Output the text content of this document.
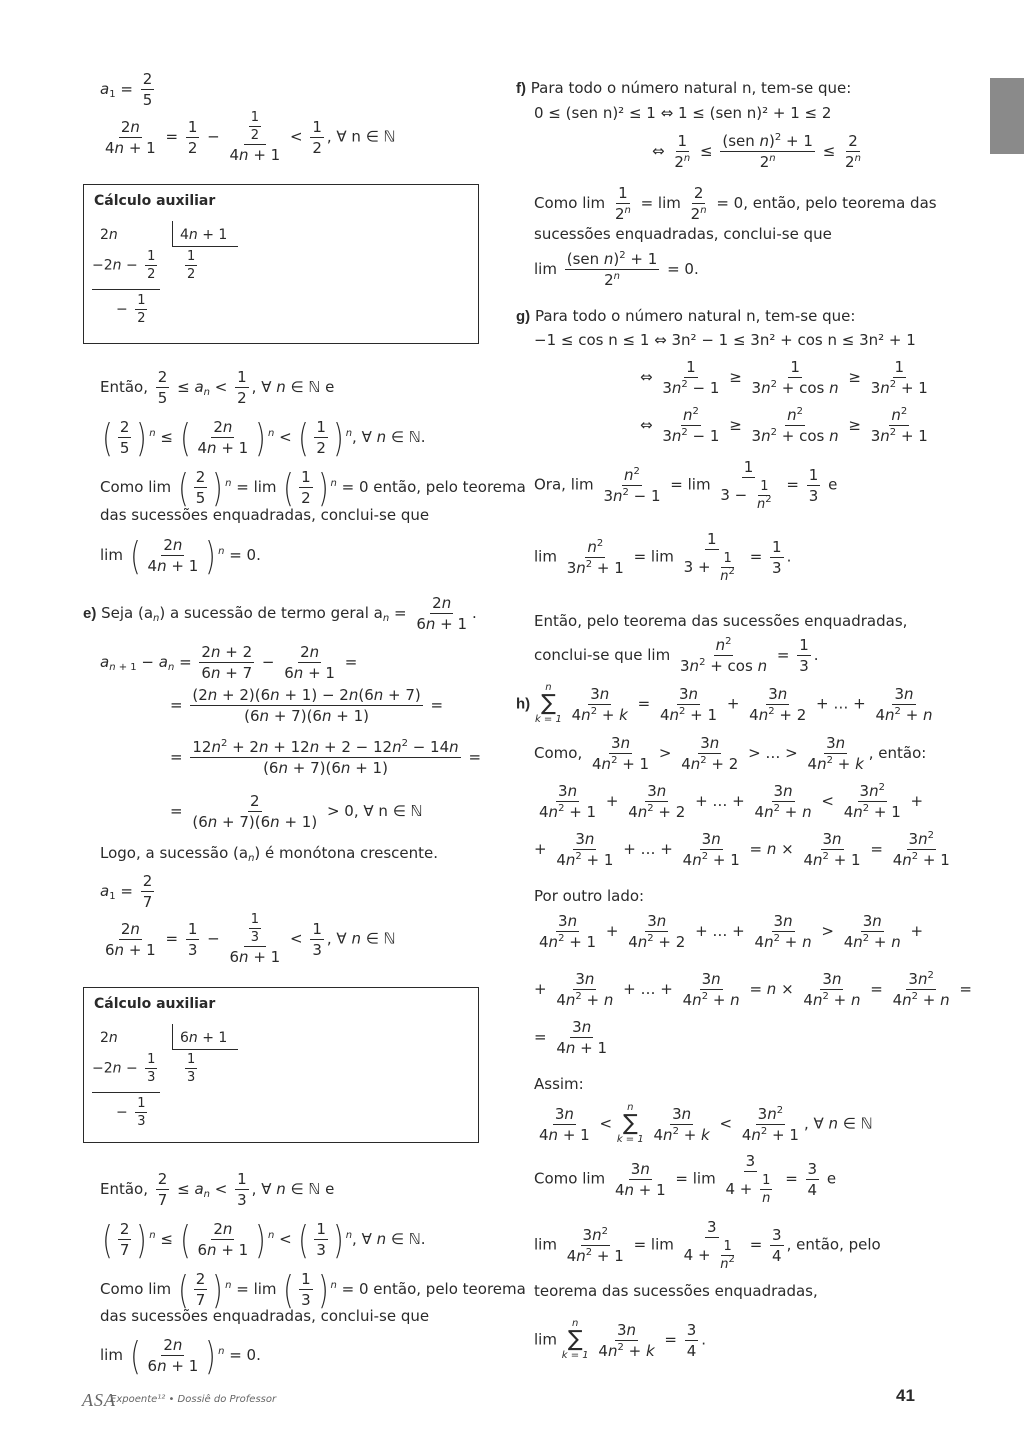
$a_1 = \frac{2}{5}$
$\frac{2n}{4n + 1} = \frac{1}{2} - \frac{\frac{1}{2}}{4n + 1} < \frac{1}{2}$ , ∀ n ∈ ℕ
Cálculo auxiliar
2n	4n + 1
$-2n - \frac{1}{2} \frac{1}{2}$
− $\frac{1}{2}$
Então, $\frac{2}{5} \le a_n < \frac{1}{2}$ , ∀ n ∈ ℕ e
( $\frac{2}{5}$ ) $^n$ ≤ ( $\frac{2n}{4n + 1}$ ) $^n$ < ( $\frac{1}{2}$ ) $^n$, ∀ n ∈ ℕ.
Como lim ( $\frac{2}{5}$ ) $^n$ = lim ( $\frac{1}{2}$ ) $^n$ = 0 então, pelo teorema
das sucessões enquadradas, conclui-se que
lim ( $\frac{2n}{4n + 1}$ ) $^n$ = 0.
e) Seja $(a_n)$ a sucessão de termo geral $a_n = \frac{2n}{6n + 1}$ .
$a_{n + 1} - a_n = \frac{2n + 2}{6n + 7} - \frac{2n}{6n + 1}$ =
= $\frac{(2n + 2)(6n + 1) - 2n(6n + 7)}{(6n + 7)(6n + 1)}$ =
= $\frac{12n^2 + 2n + 12n + 2 - 12n^2 - 14n}{(6n + 7)(6n + 1)}$ =
= $\frac{2}{(6n + 7)(6n + 1)} > 0$, ∀ n ∈ ℕ
Logo, a sucessão $(a_n)$ é monótona crescente.
$a_1 = \frac{2}{7}$
$\frac{2n}{6n + 1} = \frac{1}{3} - \frac{\frac{1}{3}}{6n + 1} < \frac{1}{3}$ , ∀ n ∈ ℕ
Cálculo auxiliar
2n	6n + 1
$-2n - \frac{1}{3} \frac{1}{3}$
− $\frac{1}{3}$
Então, $\frac{2}{7} \le a_n < \frac{1}{3}$ , ∀ n ∈ ℕ e
( $\frac{2}{7}$ ) $^n$ ≤ ( $\frac{2n}{6n + 1}$ ) $^n$ < ( $\frac{1}{3}$ ) $^n$, ∀ n ∈ ℕ.
Como lim ( $\frac{2}{7}$ ) $^n$ = lim ( $\frac{1}{3}$ ) $^n$ = 0 então, pelo teorema
das sucessões enquadradas, conclui-se que
lim ( $\frac{2n}{6n + 1}$ ) $^n$ = 0.
f) Para todo o número natural n, tem-se que:
0 ≤ (sen n)² ≤ 1 ⇔ 1 ≤ (sen n)² + 1 ≤ 2
⇔ $\frac{1}{2^n} \le \frac{(sen n)^2 + 1}{2^n} \le \frac{2}{2^n}$
Como $\lim \frac{1}{2^n} = \lim \frac{2}{2^n} = 0$, então, pelo teorema das
sucessões enquadradas, conclui-se que
$\lim \frac{(sen n)^2 + 1}{2^n} = 0$.
g) Para todo o número natural n, tem-se que:
−1 ≤ cos n ≤ 1 ⇔ 3n² − 1 ≤ 3n² + cos n ≤ 3n² + 1
⇔ $\frac{1}{3n^2 - 1} \ge \frac{1}{3n^2 + \cos n} \ge \frac{1}{3n^2 + 1}$
⇔ $\frac{n^2}{3n^2 - 1} \ge \frac{n^2}{3n^2 + \cos n} \ge \frac{n^2}{3n^2 + 1}$
Ora, $\lim \frac{n^2}{3n^2 - 1} = \lim \frac{1}{3 - \frac{1}{n^2}} = \frac{1}{3}$ e
$\lim \frac{n^2}{3n^2 + 1} = \lim \frac{1}{3 + \frac{1}{n^2}} = \frac{1}{3}$ .
Então, pelo teorema das sucessões enquadradas,
conclui-se que $\lim \frac{n^2}{3n^2 + \cos n} = \frac{1}{3}$ .
h)
n
∑
k = 1
$\frac{3n}{4n^2 + k} = \frac{3n}{4n^2 + 1} + \frac{3n}{4n^2 + 2}$ + … + $\frac{3n}{4n^2 + n}$
Como, $\frac{3n}{4n^2 + 1} > \frac{3n}{4n^2 + 2}$ > … > $\frac{3n}{4n^2 + k}$ , então:
$\frac{3n}{4n^2 + 1} + \frac{3n}{4n^2 + 2}$ + … + $\frac{3n}{4n^2 + n} < \frac{3n^2}{4n^2 + 1}$ +
+ $\frac{3n}{4n^2 + 1}$ + … + $\frac{3n}{4n^2 + 1} = n \times \frac{3n}{4n^2 + 1} = \frac{3n^2}{4n^2 + 1}$
Por outro lado:
$\frac{3n}{4n^2 + 1} + \frac{3n}{4n^2 + 2}$ + … + $\frac{3n}{4n^2 + n} > \frac{3n}{4n^2 + n}$ +
+ $\frac{3n}{4n^2 + n}$ + … + $\frac{3n}{4n^2 + n} = n \times \frac{3n}{4n^2 + n} = \frac{3n^2}{4n^2 + n}$ =
= $\frac{3n}{4n + 1}$
Assim:
$\frac{3n}{4n + 1}$ <
n
∑
k = 1
$\frac{3n}{4n^2 + k} < \frac{3n^2}{4n^2 + 1}$ , ∀ n ∈ ℕ
Como $\lim \frac{3n}{4n + 1} = \lim \frac{3}{4 + \frac{1}{n}} = \frac{3}{4}$ e
$\lim \frac{3n^2}{4n^2 + 1} = \lim \frac{3}{4 + \frac{1}{n^2}} = \frac{3}{4}$ , então, pelo
teorema das sucessões enquadradas,
lim
n
∑
k = 1
$\frac{3n}{4n^2 + k} = \frac{3}{4}$ .
ASA
Expoente¹² • Dossiê do Professor	41
